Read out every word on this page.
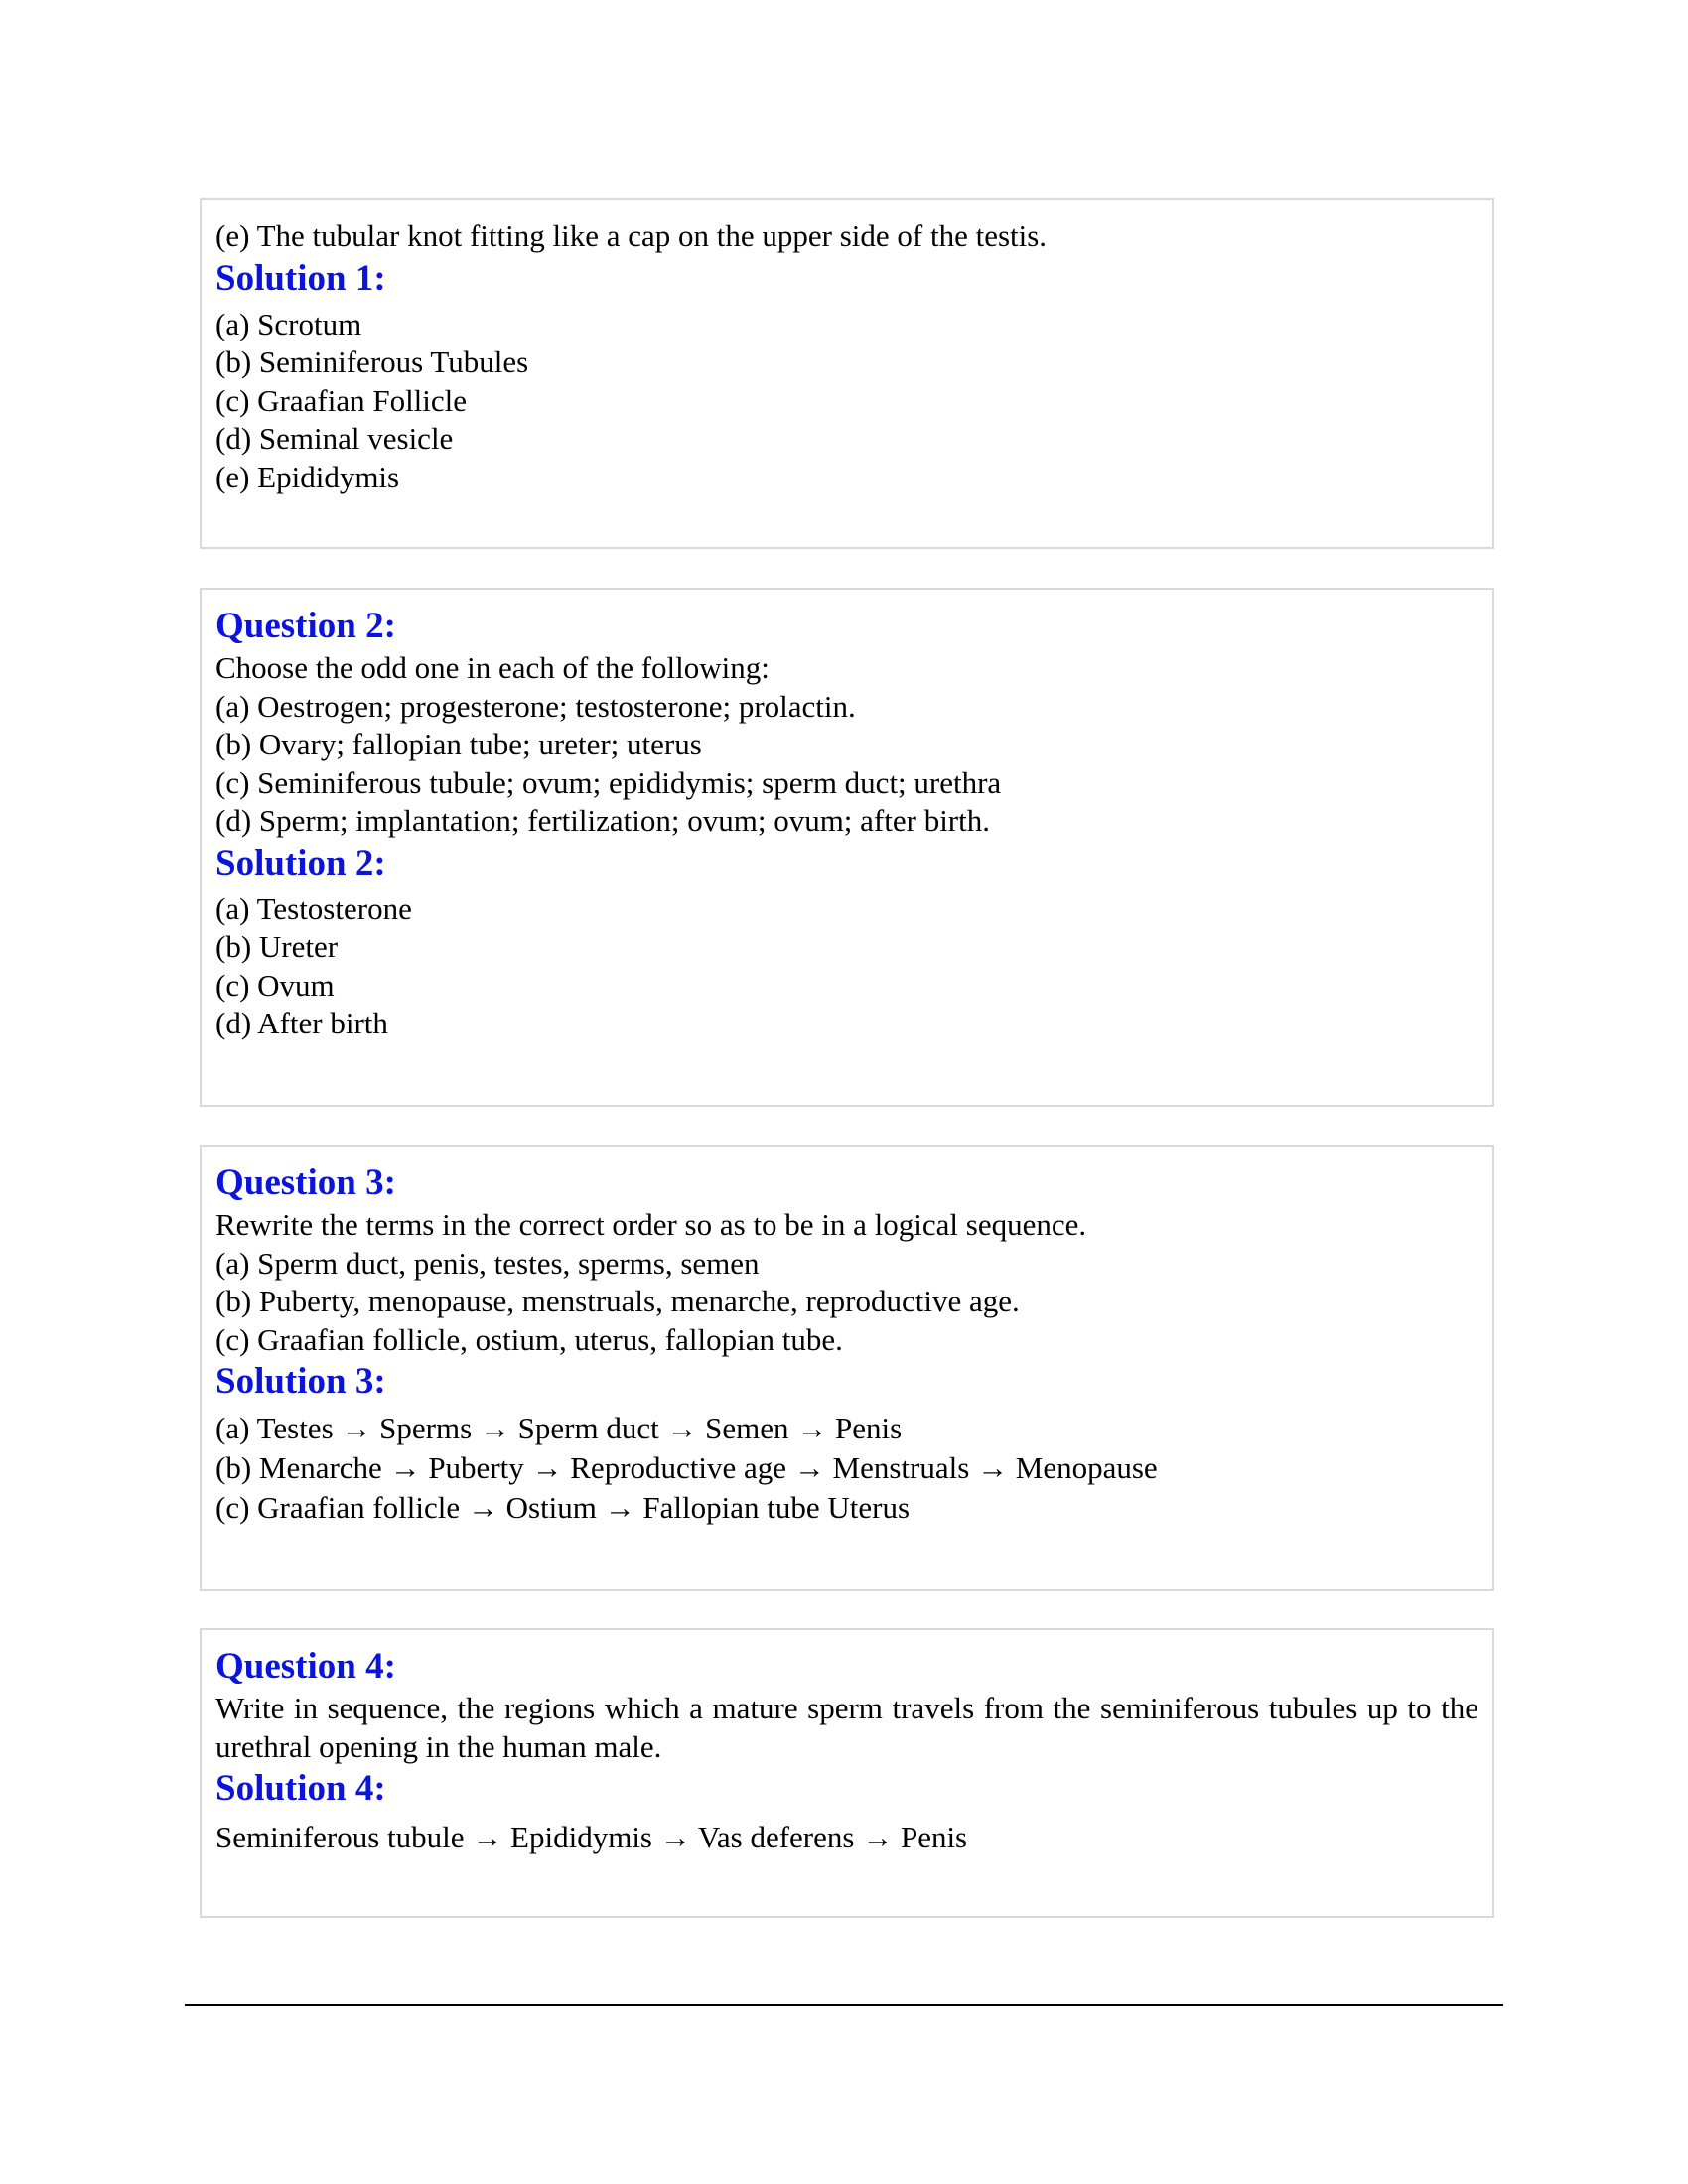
(e) The tubular knot fitting like a cap on the upper side of the testis.
Solution 1:
(a) Scrotum
(b) Seminiferous Tubules
(c) Graafian Follicle
(d) Seminal vesicle
(e) Epididymis
Question 2:
Choose the odd one in each of the following:
(a) Oestrogen; progesterone; testosterone; prolactin.
(b) Ovary; fallopian tube; ureter; uterus
(c) Seminiferous tubule; ovum; epididymis; sperm duct; urethra
(d) Sperm; implantation; fertilization; ovum; ovum; after birth.
Solution 2:
(a) Testosterone
(b) Ureter
(c) Ovum
(d) After birth
Question 3:
Rewrite the terms in the correct order so as to be in a logical sequence.
(a) Sperm duct, penis, testes, sperms, semen
(b) Puberty, menopause, menstruals, menarche, reproductive age.
(c) Graafian follicle, ostium, uterus, fallopian tube.
Solution 3:
(a) Testes → Sperms → Sperm duct → Semen → Penis
(b) Menarche → Puberty → Reproductive age → Menstruals → Menopause
(c) Graafian follicle → Ostium → Fallopian tube Uterus
Question 4:
Write in sequence, the regions which a mature sperm travels from the seminiferous tubules up to the urethral opening in the human male.
Solution 4:
Seminiferous tubule → Epididymis → Vas deferens → Penis
